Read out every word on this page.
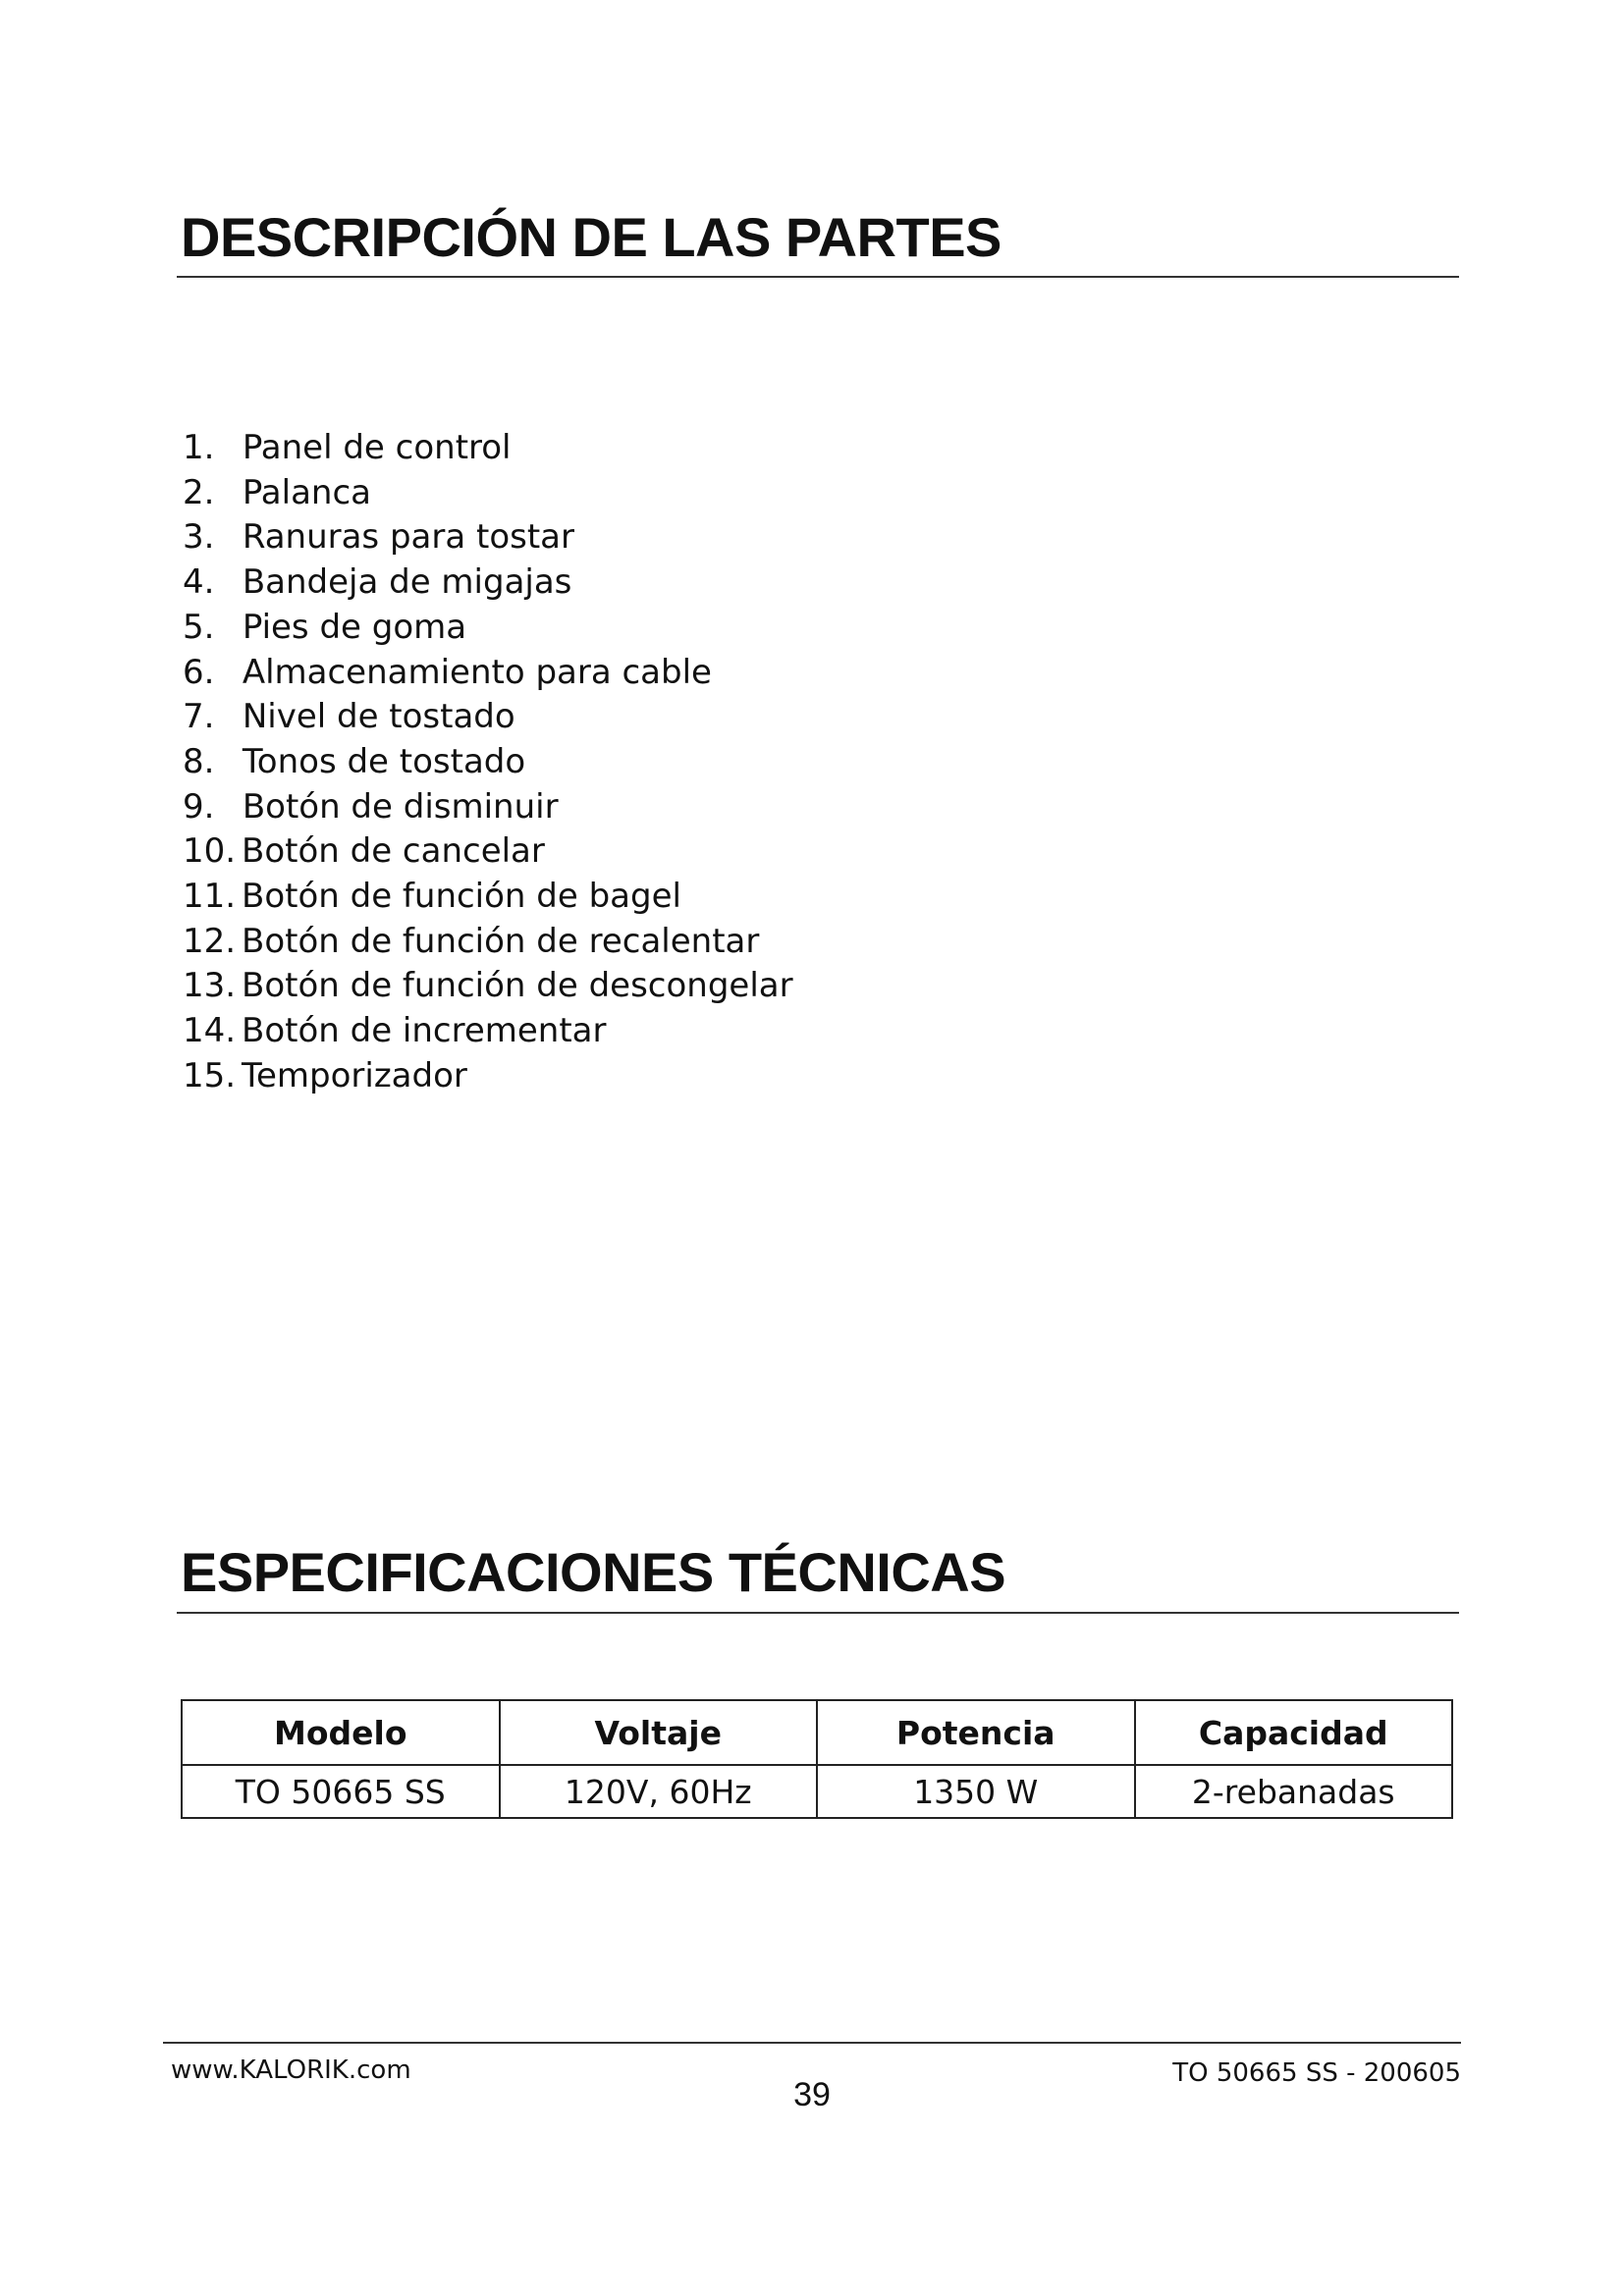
DESCRIPCIÓN DE LAS PARTES
1. Panel de control
2. Palanca
3. Ranuras para tostar
4. Bandeja de migajas
5. Pies de goma
6. Almacenamiento para cable
7. Nivel de tostado
8. Tonos de tostado
9. Botón de disminuir
10. Botón de cancelar
11. Botón de función de bagel
12. Botón de función de recalentar
13. Botón de función de descongelar
14. Botón de incrementar
15. Temporizador
ESPECIFICACIONES TÉCNICAS
Modelo	Voltaje	Potencia	Capacidad
TO 50665 SS	120V, 60Hz	1350 W	2-rebanadas
www.KALORIK.com
39
TO 50665 SS - 200605
